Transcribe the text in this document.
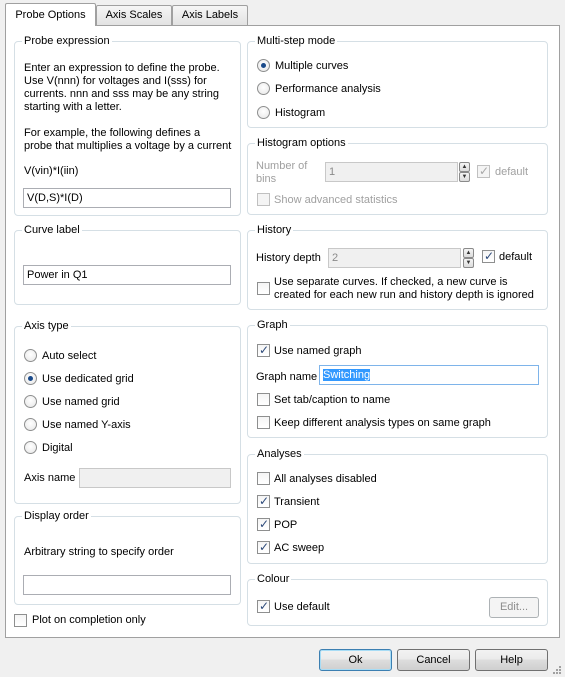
Probe Options	Axis Scales	Axis Labels
Probe expression
Enter an expression to define the probe.
Use V(nnn) for voltages and I(sss) for
currents. nnn and sss may be any string
starting with a letter.
For example, the following defines a
probe that multiplies a voltage by a current
V(vin)*I(iin)
V(D,S)*I(D)
Curve label
Power in Q1
Axis type
Auto select
Use dedicated grid
Use named grid
Use named Y-axis
Digital
Axis name
Display order
Arbitrary string to specify order
Plot on completion only
Multi-step mode
Multiple curves
Performance analysis
Histogram
Histogram options
Number of
bins
1	▲
▼ ✓	default
Show advanced statistics
History
History depth	2	▲
▼ ✓	default
Use separate curves. If checked, a new curve is
created for each new run and history depth is ignored
Graph
✓
Use named graph
Graph name Switching
Set tab/caption to name
Keep different analysis types on same graph
Analyses
All analyses disabled
✓
Transient
✓
POP
✓
AC sweep
Colour
✓
Use default	Edit...
Ok	Cancel	Help
